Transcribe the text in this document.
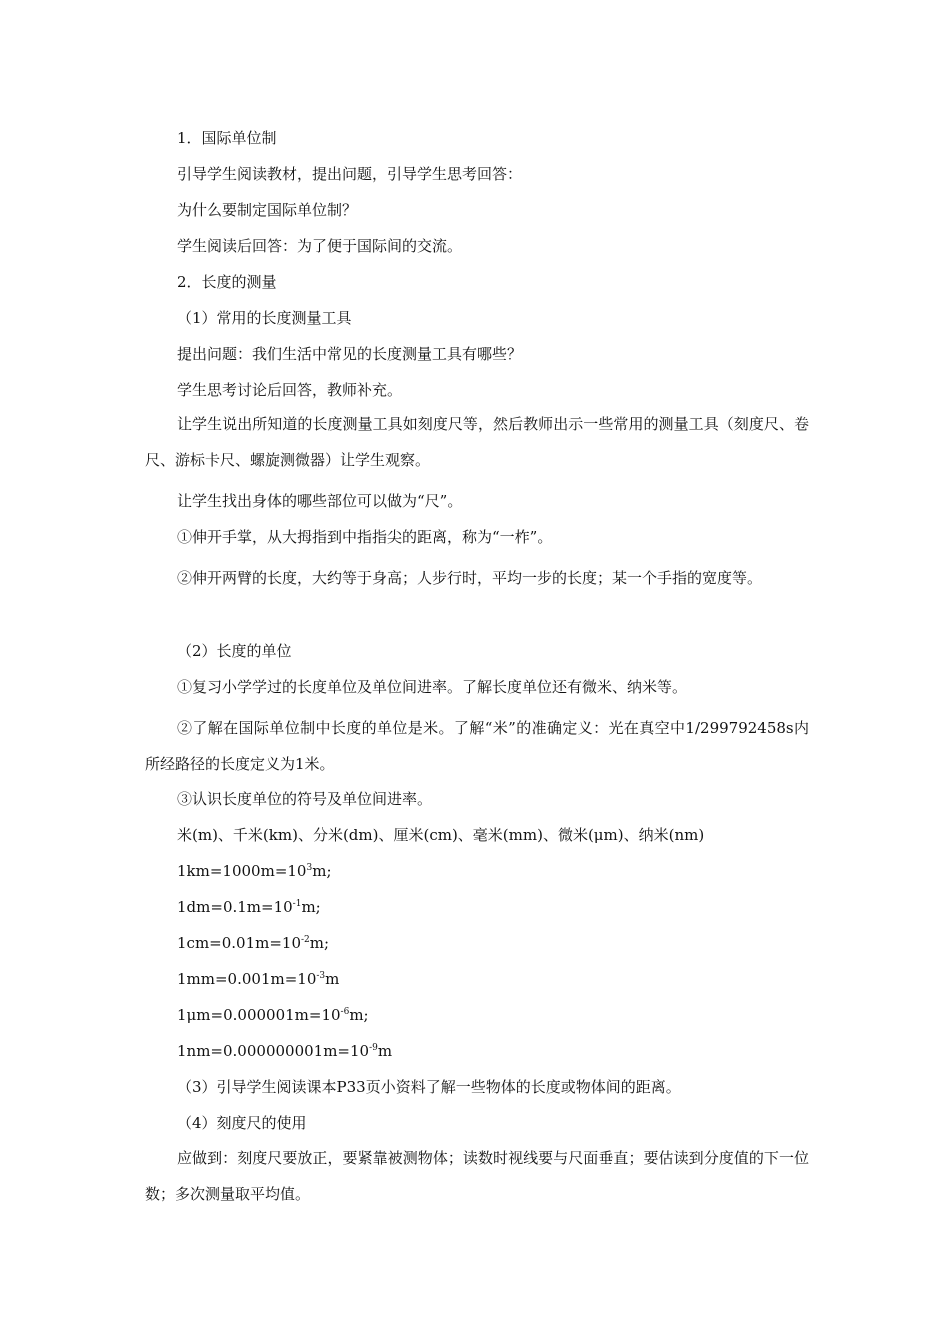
1．国际单位制

引导学生阅读教材，提出问题，引导学生思考回答：

为什么要制定国际单位制？

学生阅读后回答：为了便于国际间的交流。

2．长度的测量

（1）常用的长度测量工具

提出问题：我们生活中常见的长度测量工具有哪些？

学生思考讨论后回答，教师补充。

让学生说出所知道的长度测量工具如刻度尺等，然后教师出示一些常用的测量工具（刻度尺、卷尺、游标卡尺、螺旋测微器）让学生观察。

让学生找出身体的哪些部位可以做为“尺”。

①伸开手掌，从大拇指到中指指尖的距离，称为“一柞”。

②伸开两臂的长度，大约等于身高；人步行时，平均一步的长度；某一个手指的宽度等。

（2）长度的单位

①复习小学学过的长度单位及单位间进率。了解长度单位还有微米、纳米等。

②了解在国际单位制中长度的单位是米。了解“米”的准确定义：光在真空中1/299792458s内所经路径的长度定义为1米。

③认识长度单位的符号及单位间进率。

米(m)、千米(km)、分米(dm)、厘米(cm)、毫米(mm)、微米(μm)、纳米(nm)

$1km=1000m=10^3m$;

$1dm=0.1m=10^{-1}m$;

$1cm=0.01m=10^{-2}m$;

$1mm=0.001m=10^{-3}m$

$1\mu m=0.000001m=10^{-6}m$;

$1nm=0.000000001m=10^{-9}m$

（3）引导学生阅读课本P33页小资料了解一些物体的长度或物体间的距离。

（4）刻度尺的使用

应做到：刻度尺要放正，要紧靠被测物体；读数时视线要与尺面垂直；要估读到分度值的下一位数；多次测量取平均值。
